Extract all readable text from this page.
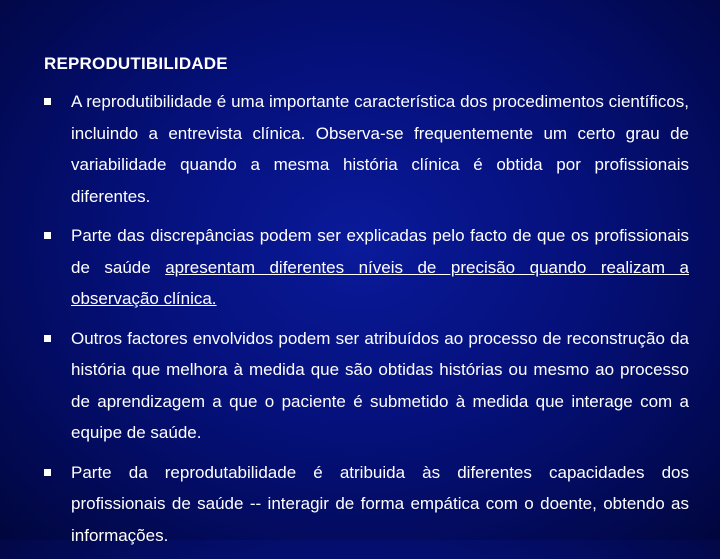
REPRODUTIBILIDADE
A reprodutibilidade é uma importante característica dos procedimentos científicos, incluindo a entrevista clínica. Observa-se frequentemente um certo grau de variabilidade quando a mesma história clínica é obtida por profissionais diferentes.
Parte das discrepâncias podem ser explicadas pelo facto de que os profissionais de saúde apresentam diferentes níveis de precisão quando realizam a observação clínica.
Outros factores envolvidos podem ser atribuídos ao processo de reconstrução da história que melhora à medida que são obtidas histórias ou mesmo ao processo de aprendizagem a que o paciente é submetido à medida que interage com a equipe de saúde.
Parte da reprodutabilidade é atribuida às diferentes capacidades dos profissionais de saúde -- interagir de forma empática com o doente, obtendo as informações.
